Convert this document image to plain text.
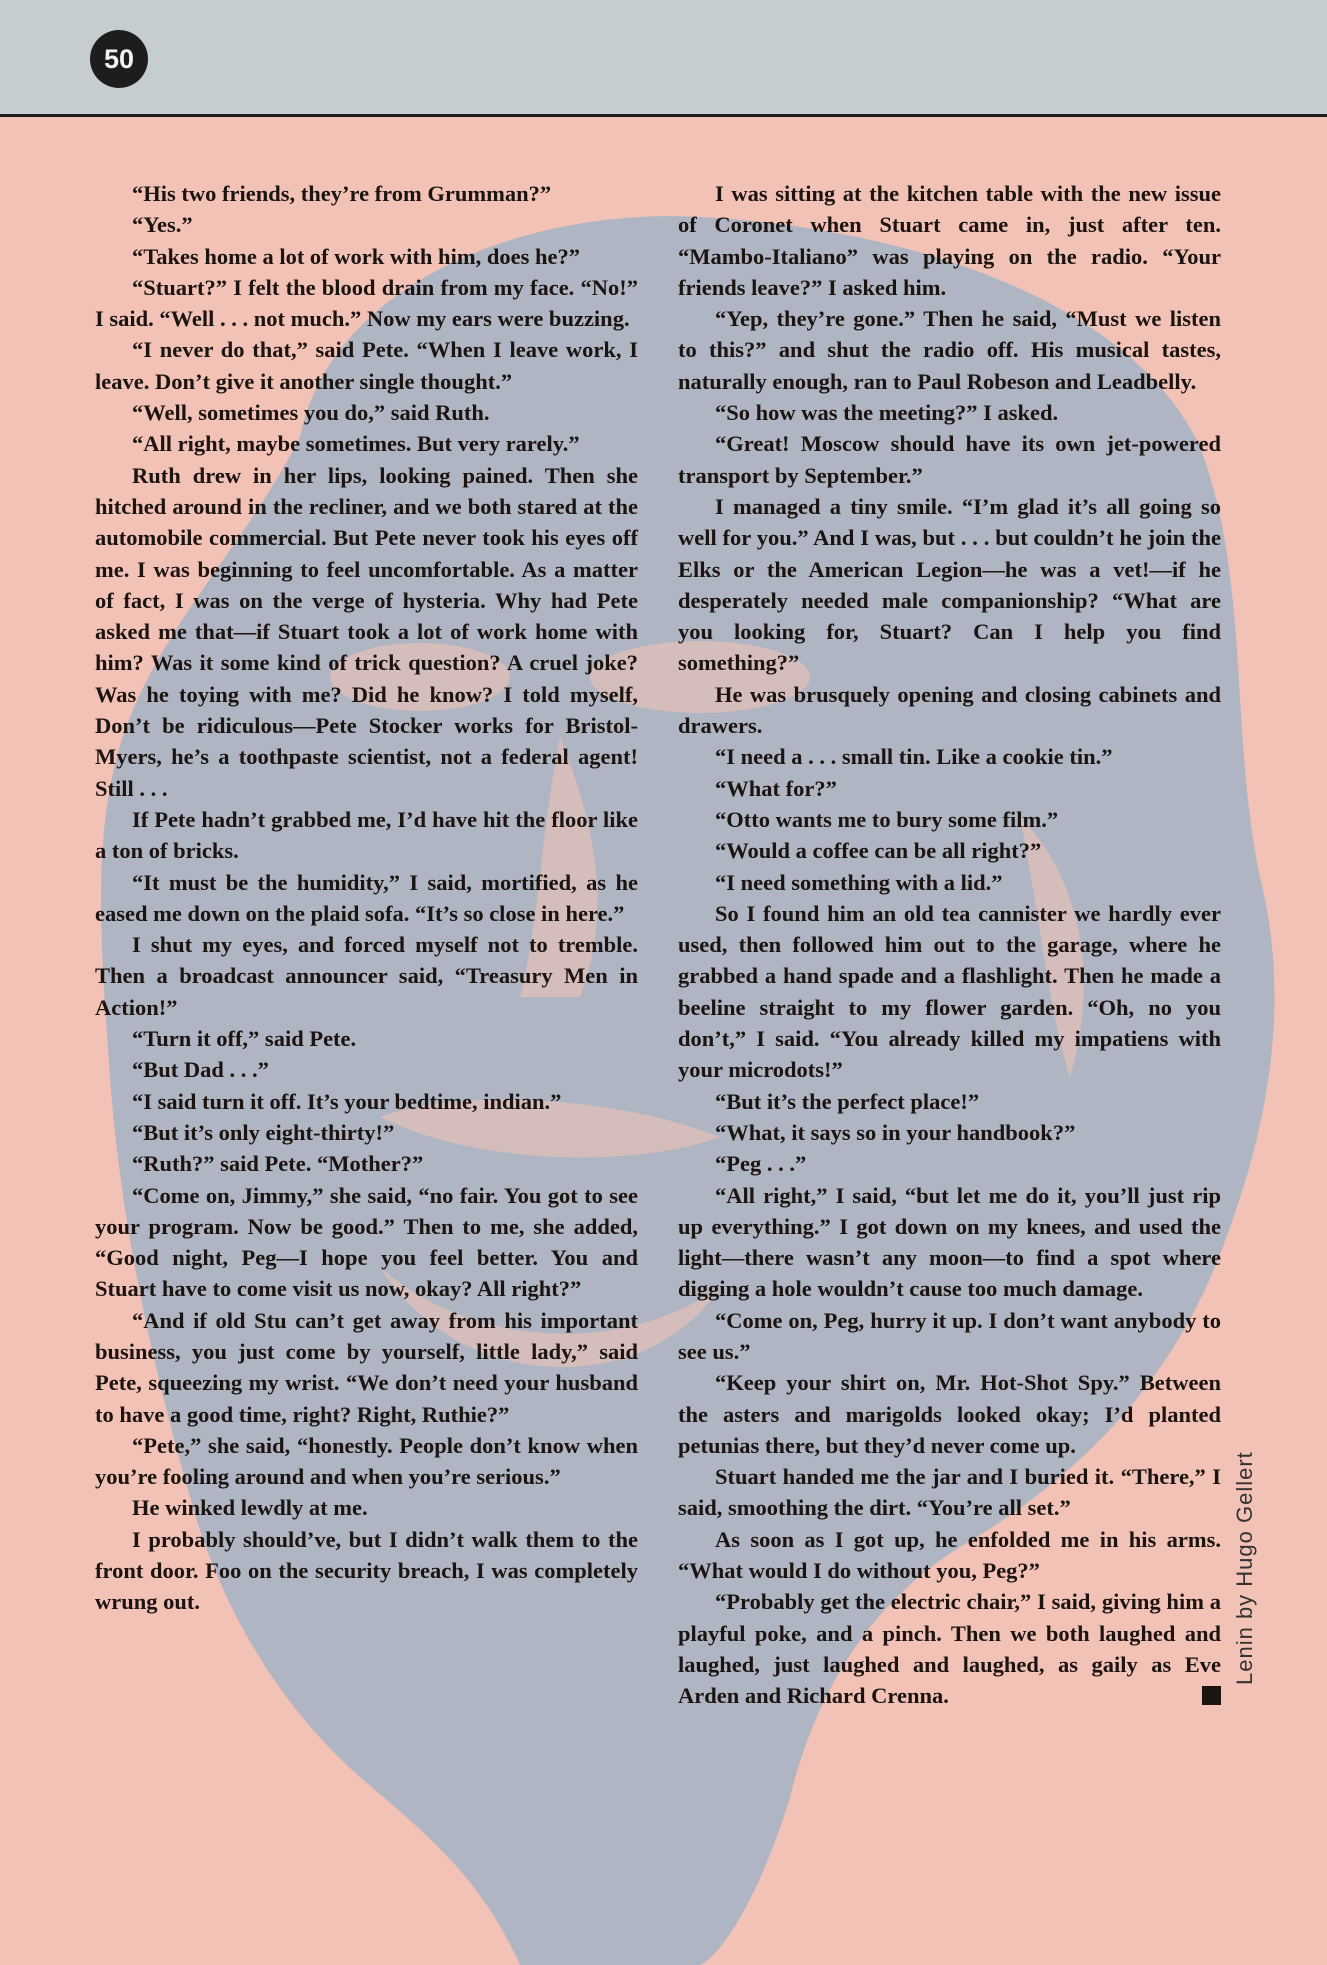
50
Lenin by Hugo Gellert

“His two friends, they’re from Grumman?”

“Yes.”

“Takes home a lot of work with him, does he?”

“Stuart?” I felt the blood drain from my face. “No!” I said. “Well . . . not much.” Now my ears were buzzing.

“I never do that,” said Pete. “When I leave work, I leave. Don’t give it another single thought.”

“Well, sometimes you do,” said Ruth.

“All right, maybe sometimes. But very rarely.”

Ruth drew in her lips, looking pained. Then she hitched around in the recliner, and we both stared at the automobile commercial. But Pete never took his eyes off me. I was beginning to feel uncomfortable. As a matter of fact, I was on the verge of hysteria. Why had Pete asked me that—if Stuart took a lot of work home with him? Was it some kind of trick question? A cruel joke? Was he toying with me? Did he know? I told myself, Don’t be ridiculous—Pete Stocker works for Bristol-Myers, he’s a toothpaste scientist, not a federal agent! Still . . .

If Pete hadn’t grabbed me, I’d have hit the floor like a ton of bricks.

“It must be the humidity,” I said, mortified, as he eased me down on the plaid sofa. “It’s so close in here.”

I shut my eyes, and forced myself not to tremble. Then a broadcast announcer said, “Treasury Men in Action!”

“Turn it off,” said Pete.

“But Dad . . .”

“I said turn it off. It’s your bedtime, indian.”

“But it’s only eight-thirty!”

“Ruth?” said Pete. “Mother?”

“Come on, Jimmy,” she said, “no fair. You got to see your program. Now be good.” Then to me, she added, “Good night, Peg—I hope you feel better. You and Stuart have to come visit us now, okay? All right?”

“And if old Stu can’t get away from his important business, you just come by yourself, little lady,” said Pete, squeezing my wrist. “We don’t need your husband to have a good time, right? Right, Ruthie?”

“Pete,” she said, “honestly. People don’t know when you’re fooling around and when you’re serious.”

He winked lewdly at me.

I probably should’ve, but I didn’t walk them to the front door. Foo on the security breach, I was completely wrung out.

I was sitting at the kitchen table with the new issue of Coronet when Stuart came in, just after ten. “Mambo-Italiano” was playing on the radio. “Your friends leave?” I asked him.

“Yep, they’re gone.” Then he said, “Must we listen to this?” and shut the radio off. His musical tastes, naturally enough, ran to Paul Robeson and Leadbelly.

“So how was the meeting?” I asked.

“Great! Moscow should have its own jet-powered transport by September.”

I managed a tiny smile. “I’m glad it’s all going so well for you.” And I was, but . . . but couldn’t he join the Elks or the American Legion—he was a vet!—if he desperately needed male companionship? “What are you looking for, Stuart? Can I help you find something?”

He was brusquely opening and closing cabinets and drawers.

“I need a . . . small tin. Like a cookie tin.”

“What for?”

“Otto wants me to bury some film.”

“Would a coffee can be all right?”

“I need something with a lid.”

So I found him an old tea cannister we hardly ever used, then followed him out to the garage, where he grabbed a hand spade and a flashlight. Then he made a beeline straight to my flower garden. “Oh, no you don’t,” I said. “You already killed my impatiens with your microdots!”

“But it’s the perfect place!”

“What, it says so in your handbook?”

“Peg . . .”

“All right,” I said, “but let me do it, you’ll just rip up everything.” I got down on my knees, and used the light—there wasn’t any moon—to find a spot where digging a hole wouldn’t cause too much damage.

“Come on, Peg, hurry it up. I don’t want anybody to see us.”

“Keep your shirt on, Mr. Hot-Shot Spy.” Between the asters and marigolds looked okay; I’d planted petunias there, but they’d never come up.

Stuart handed me the jar and I buried it. “There,” I said, smoothing the dirt. “You’re all set.”

As soon as I got up, he enfolded me in his arms. “What would I do without you, Peg?”

“Probably get the electric chair,” I said, giving him a playful poke, and a pinch. Then we both laughed and laughed, just laughed and laughed, as gaily as Eve Arden and Richard Crenna.
